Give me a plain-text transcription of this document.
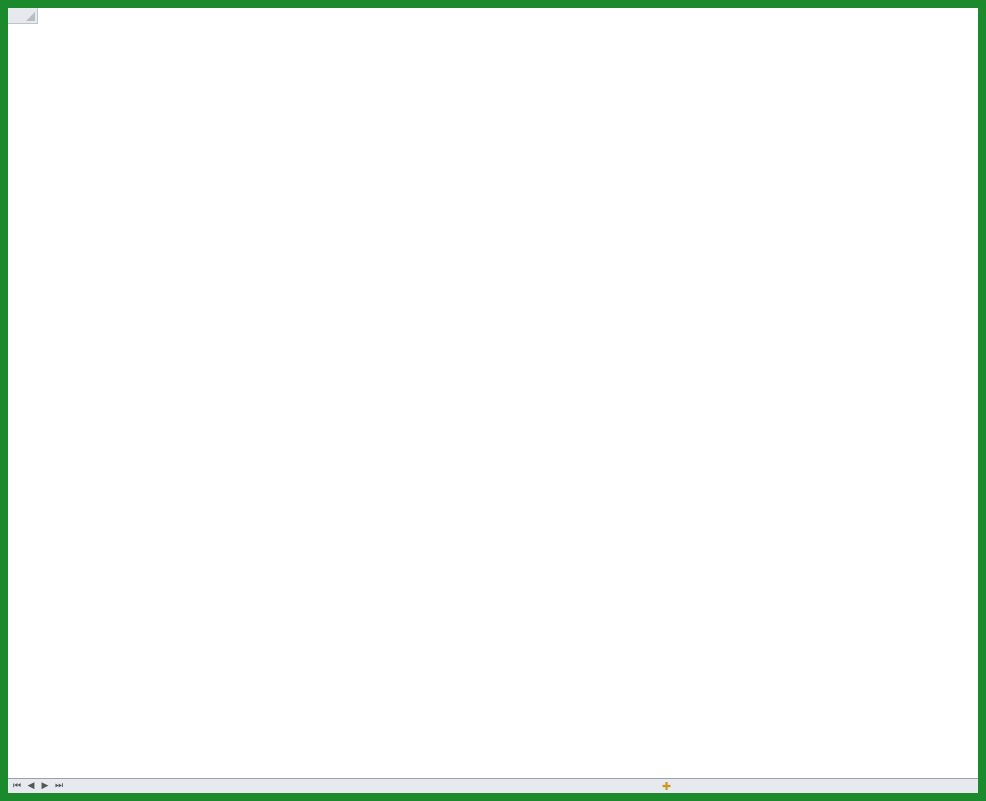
⏮ ◀ ▶ ⏭	✚
